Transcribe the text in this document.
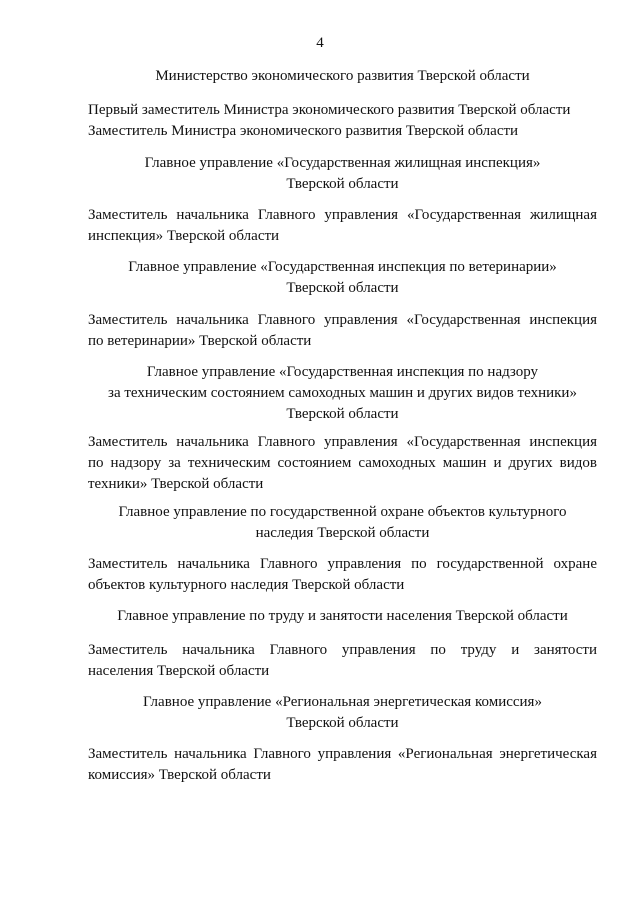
4
Министерство экономического развития Тверской области
Первый заместитель Министра экономического развития Тверской области
Заместитель Министра экономического развития Тверской области
Главное управление «Государственная жилищная инспекция»
Тверской области
Заместитель начальника Главного управления «Государственная жилищная
инспекция» Тверской области
Главное управление «Государственная инспекция по ветеринарии»
Тверской области
Заместитель начальника Главного управления «Государственная инспекция
по ветеринарии» Тверской области
Главное управление «Государственная инспекция по надзору
за техническим состоянием самоходных машин и других видов техники»
Тверской области
Заместитель начальника Главного управления «Государственная инспекция
по надзору за техническим состоянием самоходных машин и других видов
техники» Тверской области
Главное управление по государственной охране объектов культурного
наследия Тверской области
Заместитель начальника Главного управления по государственной охране
объектов культурного наследия Тверской области
Главное управление по труду и занятости населения Тверской области
Заместитель начальника Главного управления по труду и занятости
населения Тверской области
Главное управление «Региональная энергетическая комиссия»
Тверской области
Заместитель начальника Главного управления «Региональная энергетическая
комиссия» Тверской области
